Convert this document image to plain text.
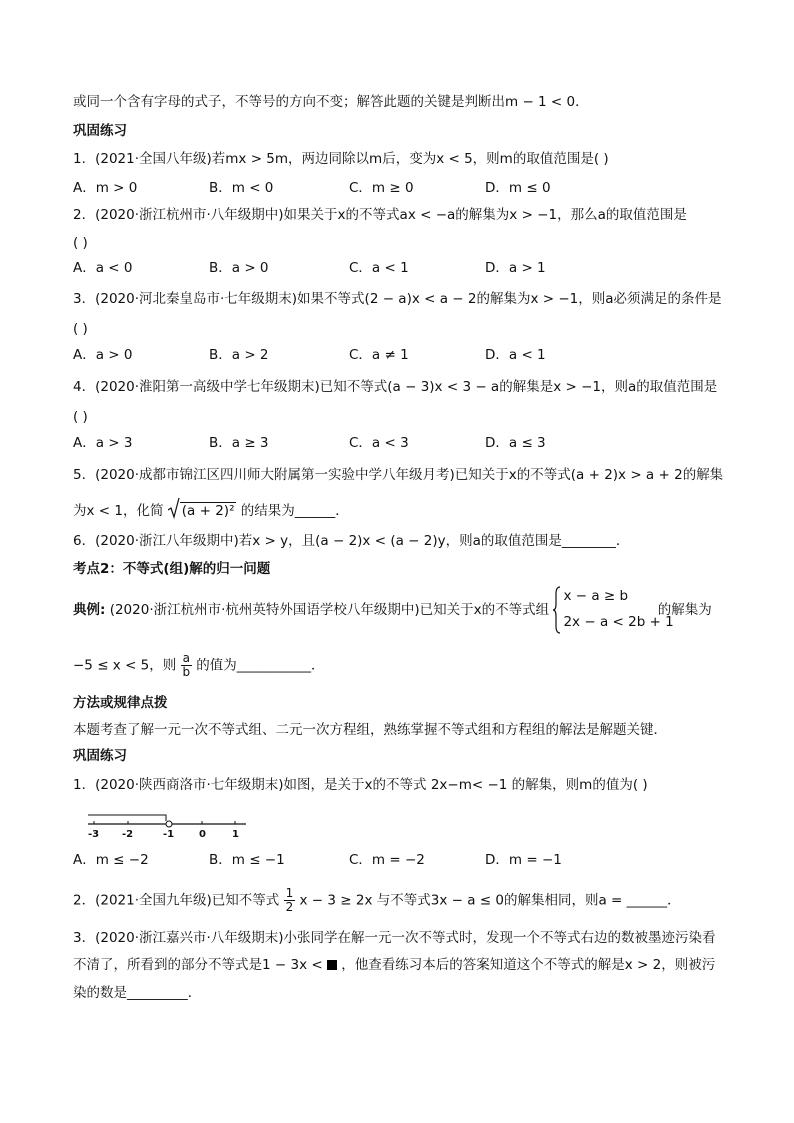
或同一个含有字母的式子，不等号的方向不变；解答此题的关键是判断出m − 1 < 0．
巩固练习
1．(2021·全国八年级)若mx > 5m，两边同除以m后，变为x < 5，则m的取值范围是( )
A．m > 0	B．m < 0	C．m ≥ 0	D．m ≤ 0
2．(2020·浙江杭州市·八年级期中)如果关于x的不等式ax < −a的解集为x > −1，那么a的取值范围是
( )
A．a < 0	B．a > 0	C．a < 1	D．a > 1
3．(2020·河北秦皇岛市·七年级期末)如果不等式(2 − a)x < a − 2的解集为x > −1，则a必须满足的条件是
( )
A．a > 0	B．a > 2	C．a ≠ 1	D．a < 1
4．(2020·淮阳第一高级中学七年级期末)已知不等式(a − 3)x < 3 − a的解集是x > −1，则a的取值范围是
( )
A．a > 3	B．a ≥ 3	C．a < 3	D．a ≤ 3
5．(2020·成都市锦江区四川师大附属第一实验中学八年级月考)已知关于x的不等式(a + 2)x > a + 2的解集
为x < 1，化简 (a + 2)² 的结果为______．
6．(2020·浙江八年级期中)若x > y，且(a − 2)x < (a − 2)y，则a的取值范围是________．
考点2：不等式(组)解的归一问题
典例: (2020·浙江杭州市·杭州英特外国语学校八年级期中)已知关于x的不等式组
x − a ≥ b
2x − a < 2b + 1
的解集为
−5 ≤ x < 5，则 $\frac{a}{b}$ 的值为___________．
方法或规律点拨
本题考查了解一元一次不等式组、二元一次方程组，熟练掌握不等式组和方程组的解法是解题关键．
巩固练习
1．(2020·陕西商洛市·七年级期末)如图，是关于x的不等式 2x−m< −1 的解集，则m的值为( )
-3 -2	-1 0	1
A．m ≤ −2	B．m ≤ −1	C．m = −2	D．m = −1
2．(2021·全国九年级)已知不等式 $\frac{1}{2}$ x − 3 ≥ 2x 与不等式3x − a ≤ 0的解集相同，则a = ______．
3．(2020·浙江嘉兴市·八年级期末)小张同学在解一元一次不等式时，发现一个不等式右边的数被墨迹污染看
不清了，所看到的部分不等式是1 − 3x < ，他查看练习本后的答案知道这个不等式的解是x > 2，则被污
染的数是_________．
